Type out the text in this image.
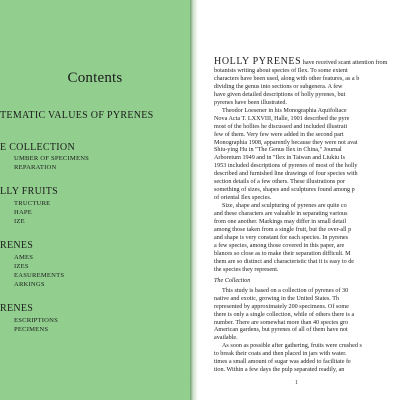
Contents
TEMATIC VALUES OF PYRENES
E COLLECTION
UMBER OF SPECIMENS
REPARATION
LLY FRUITS
TRUCTURE
HAPE
IZE
RENES
AMES
IZES
EASUREMENTS
ARKINGS
RENES
ESCRIPTIONS
PECIMENS

HOLLY PYRENES have received scant attention from

botanists writing about species of Ilex. To some extent

characters have been used, along with other features, as a b

dividing the genus into sections or subgenera. A few

have given detailed descriptions of holly pyrenes, but

pyrenes have been illustrated.

Theodor Loesener in his Monographia Aquifoliace

Nova Acta T. LXXVIII, Halle, 1901 described the pyre

most of the hollies he discussed and included illustrati

few of them. Very few were added in the second part

Monographia 1908, apparently because they were not avai

Shiu-ying Hu in "The Genus Ilex in China," Journal

Arboretum 1949 and in "Ilex in Taiwan and Liukiu Is

1953 included descriptions of pyrenes of most of the holly

described and furnished line drawings of four species with

section details of a few others. These illustrations por

something of sizes, shapes and sculptures found among p

of oriental Ilex species.

Size, shape and sculpturing of pyrenes are quite co

and these characters are valuable in separating various

from one another. Markings may differ in small detail

among those taken from a single fruit, but the over-all p

and shape is very constant for each species. In pyrenes

a few species, among those covered in this paper, are

blances so close as to make their separation difficult. M

them are so distinct and characteristic that it is easy to de

the species they represent.

The Collection

This study is based on a collection of pyrenes of 30

native and exotic, growing in the United States. Th

represented by approximately 200 specimens. Of some

there is only a single collection, while of others there is a

number. There are somewhat more than 40 species gro

American gardens, but pyrenes of all of them have not

available.

As soon as possible after gathering, fruits were crushed s

to break their coats and then placed in jars with water.

times a small amount of sugar was added to facilitate fe

tion. Within a few days the pulp separated readily, an

1
